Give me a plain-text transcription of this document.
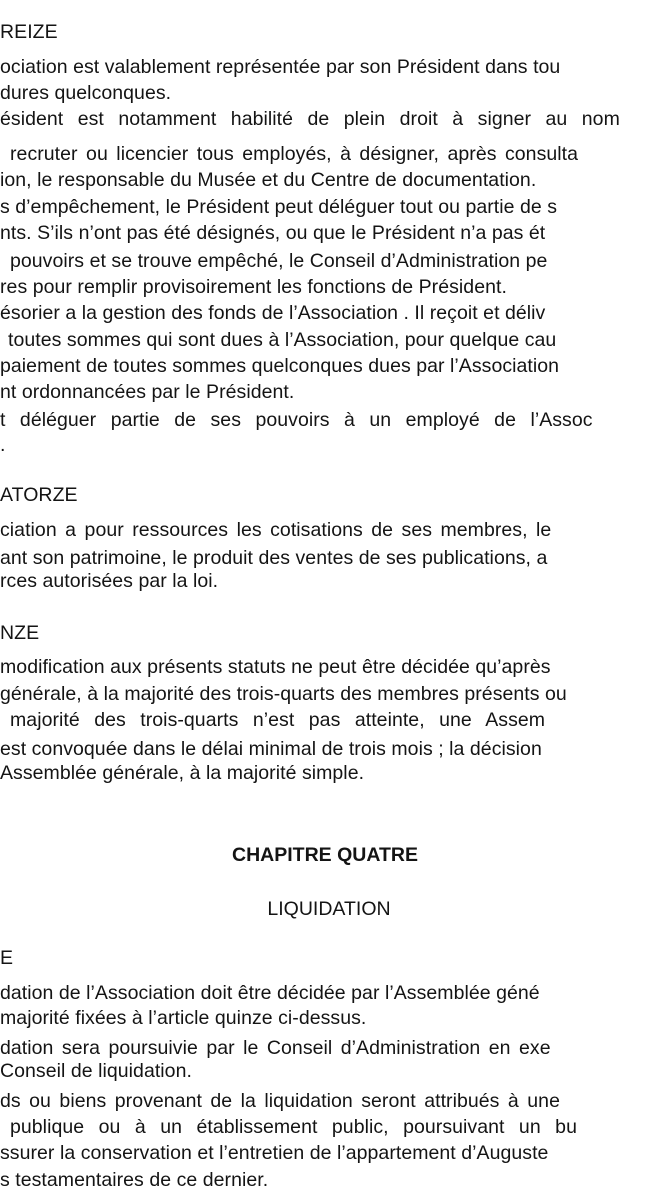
REIZE

ociation est valablement représentée par son Président dans tou

dures quelconques.

ésident est notamment habilité de plein droit à signer au nom

recruter ou licencier tous employés, à désigner, après consulta

ion, le responsable du Musée et du Centre de documentation.

s d’empêchement, le Président peut déléguer tout ou partie de s

nts. S’ils n’ont pas été désignés, ou que le Président n’a pas ét

pouvoirs et se trouve empêché, le Conseil d’Administration pe

res pour remplir provisoirement les fonctions de Président.

ésorier a la gestion des fonds de l’Association . Il reçoit et déliv

toutes sommes qui sont dues à l’Association, pour quelque cau

paiement de toutes sommes quelconques dues par l’Association

nt ordonnancées par le Président.

t déléguer partie de ses pouvoirs à un employé de l’Assoc

.

ATORZE

ciation a pour ressources les cotisations de ses membres, le

ant son patrimoine, le produit des ventes de ses publications, a

rces autorisées par la loi.

NZE

modification aux présents statuts ne peut être décidée qu’après

générale, à la majorité des trois-quarts des membres présents ou

majorité des trois-quarts n’est pas atteinte, une Assem

est convoquée dans le délai minimal de trois mois ; la décision

Assemblée générale, à la majorité simple.

CHAPITRE QUATRE

LIQUIDATION

E

dation de l’Association doit être décidée par l’Assemblée géné

majorité fixées à l’article quinze ci-dessus.

dation sera poursuivie par le Conseil d’Administration en exe

Conseil de liquidation.

ds ou biens provenant de la liquidation seront attribués à une

publique ou à un établissement public, poursuivant un bu

ssurer la conservation et l’entretien de l’appartement d’Auguste

s testamentaires de ce dernier.
